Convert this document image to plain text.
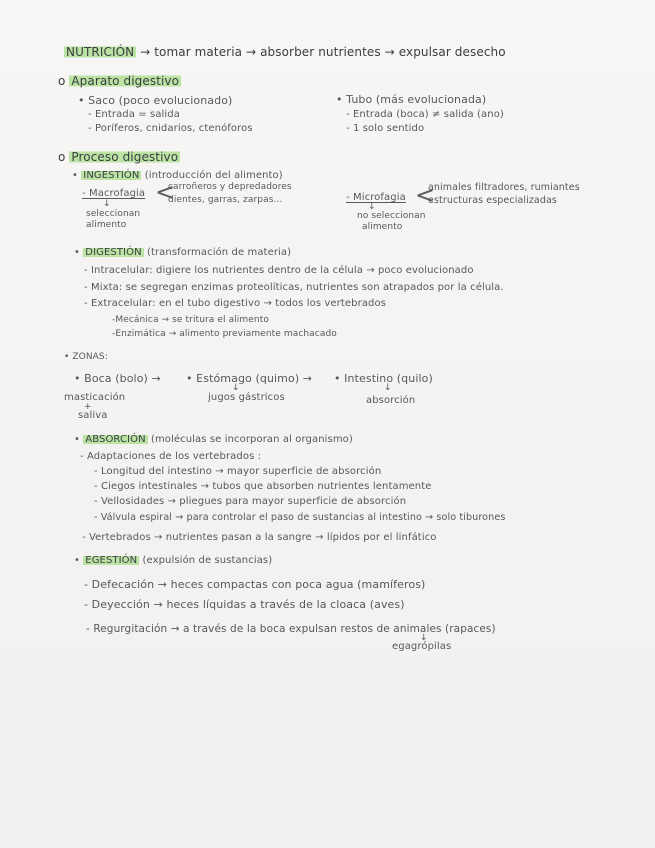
NUTRICIÓN → tomar materia → absorber nutrientes → expulsar desecho
o Aparato digestivo
• Saco (poco evolucionado)
- Entrada = salida
- Poríferos, cnidarios, ctenóforos
• Tubo (más evolucionada)
- Entrada (boca) ≠ salida (ano)
- 1 solo sentido
o Proceso digestivo
• INGESTIÓN (introducción del alimento)
- Macrofagia <
carroñeros y depredadores
dientes, garras, zarpas...
↓
seleccionan
alimento
- Microfagia <
animales filtradores, rumiantes
estructuras especializadas
↓
no seleccionan
alimento
• DIGESTIÓN (transformación de materia)
- Intracelular: digiere los nutrientes dentro de la célula → poco evolucionado
- Mixta: se segregan enzimas proteolíticas, nutrientes son atrapados por la célula.
- Extracelular: en el tubo digestivo → todos los vertebrados
-Mecánica → se tritura el alimento
-Enzimática → alimento previamente machacado
• ZONAS:
• Boca (bolo) → • Estómago (quimo) → • Intestino (quilo)
masticación
+
saliva
↓
jugos gástricos
↓
absorción
• ABSORCIÓN (moléculas se incorporan al organismo)
- Adaptaciones de los vertebrados :
- Longitud del intestino → mayor superficie de absorción
- Ciegos intestinales → tubos que absorben nutrientes lentamente
- Vellosidades → pliegues para mayor superficie de absorción
- Válvula espiral → para controlar el paso de sustancias al intestino → solo tiburones
- Vertebrados → nutrientes pasan a la sangre → lípidos por el linfático
• EGESTIÓN (expulsión de sustancias)
- Defecación → heces compactas con poca agua (mamíferos)
- Deyección → heces líquidas a través de la cloaca (aves)
- Regurgitación → a través de la boca expulsan restos de animales (rapaces)
↓
egagrópilas
